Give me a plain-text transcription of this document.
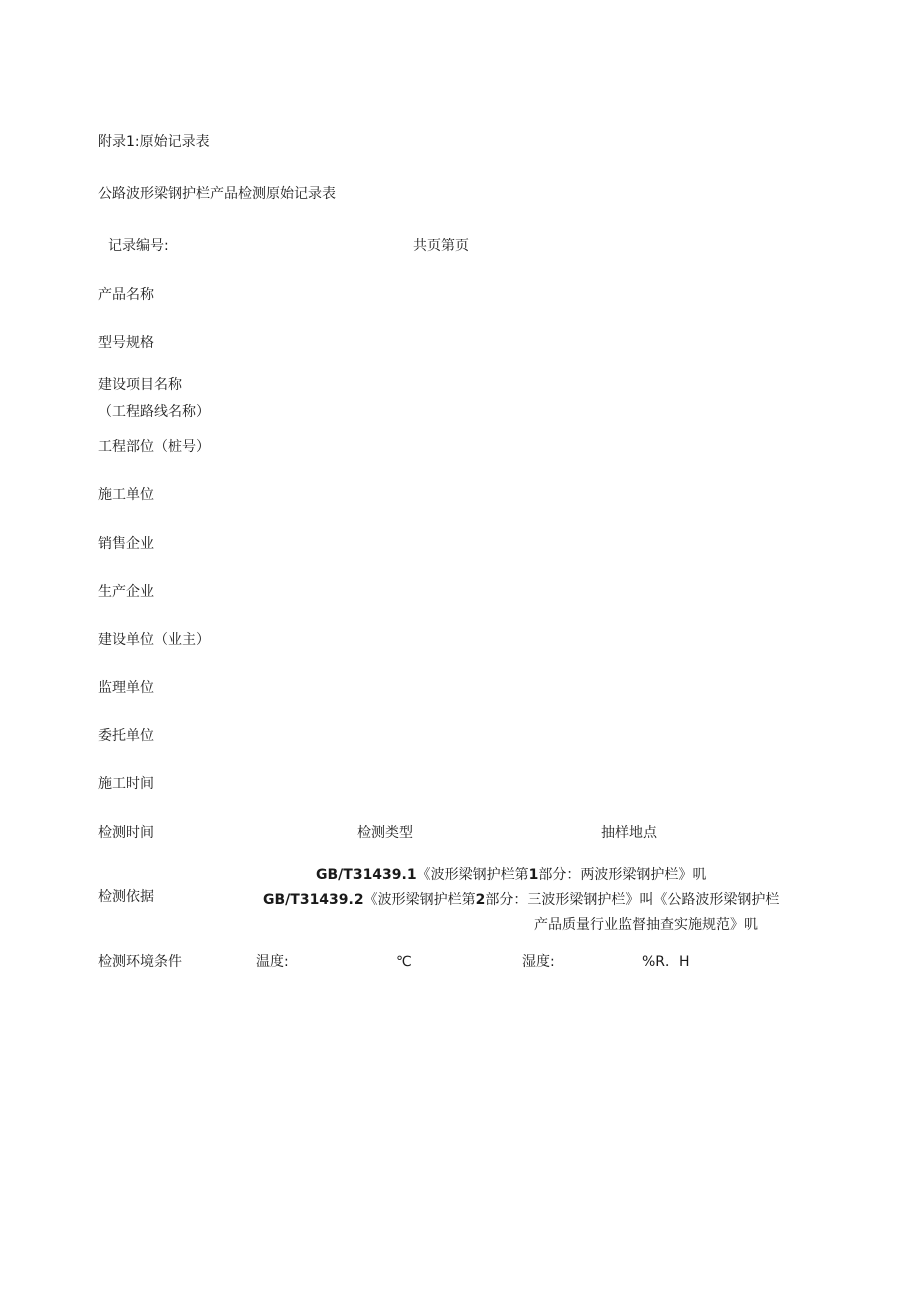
附录1:原始记录表
公路波形梁钢护栏产品检测原始记录表
记录编号:	共页第页
产品名称
型号规格
建设项目名称
（工程路线名称）
工程部位（桩号）
施工单位
销售企业
生产企业
建设单位（业主）
监理单位
委托单位
施工时间
检测时间	检测类型	抽样地点
检测依据
GB/T31439.1《波形梁钢护栏第1部分：两波形梁钢护栏》叽
GB/T31439.2《波形梁钢护栏第2部分：三波形梁钢护栏》叫《公路波形梁钢护栏
产品质量行业监督抽查实施规范》叽
检测环境条件	温度:	℃	湿度:	%R．H
